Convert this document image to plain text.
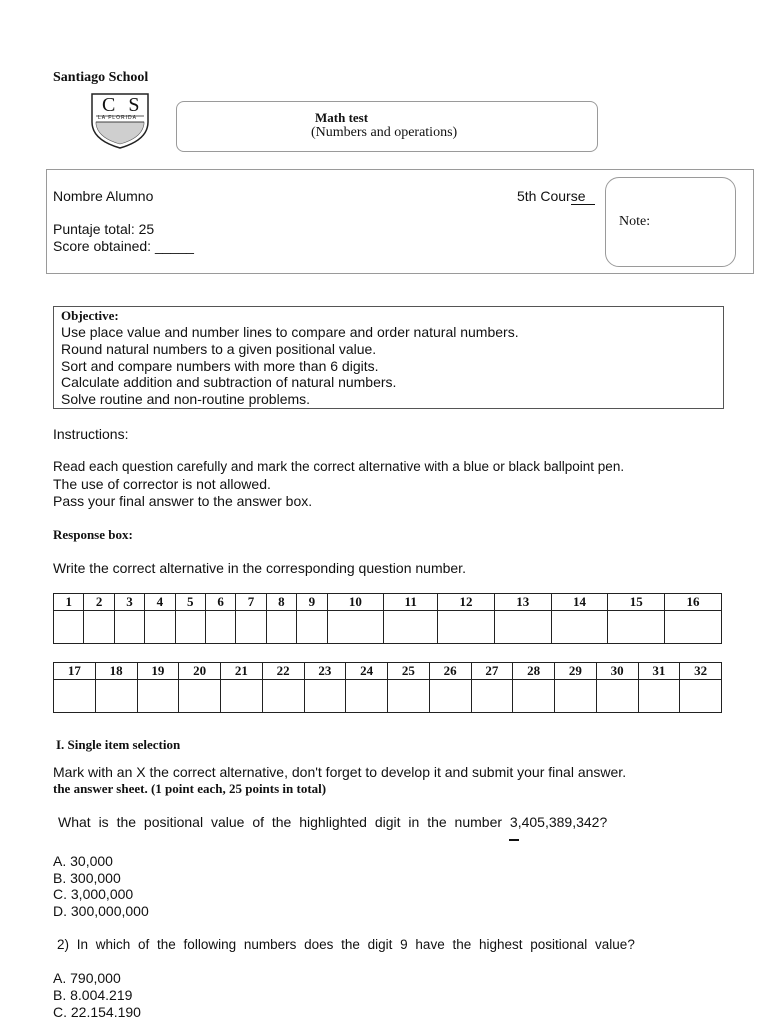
Santiago School
C S
LA FLORIDA	Math test
(Numbers and operations)
Nombre Alumno	5th Course
Puntaje total: 25
Score obtained: _____
Note:
Objective:
Use place value and number lines to compare and order natural numbers.
Round natural numbers to a given positional value.
Sort and compare numbers with more than 6 digits.
Calculate addition and subtraction of natural numbers.
Solve routine and non-routine problems.
Instructions:
Read each question carefully and mark the correct alternative with a blue or black ballpoint pen.
The use of corrector is not allowed.
Pass your final answer to the answer box.
Response box:
Write the correct alternative in the corresponding question number.
1	2	3	4	5	6	7	8	9	10	11	12	13	14	15	16

17	18	19	20	21	22	23	24	25	26	27	28	29	30	31	32

I. Single item selection
Mark with an X the correct alternative, don't forget to develop it and submit your final answer.
the answer sheet. (1 point each, 25 points in total)
What is the positional value of the highlighted digit in the number 3,405,389,342?
A. 30,000
B. 300,000
C. 3,000,000
D. 300,000,000
2) In which of the following numbers does the digit 9 have the highest positional value?
A. 790,000
B. 8.004.219
C. 22.154.190
